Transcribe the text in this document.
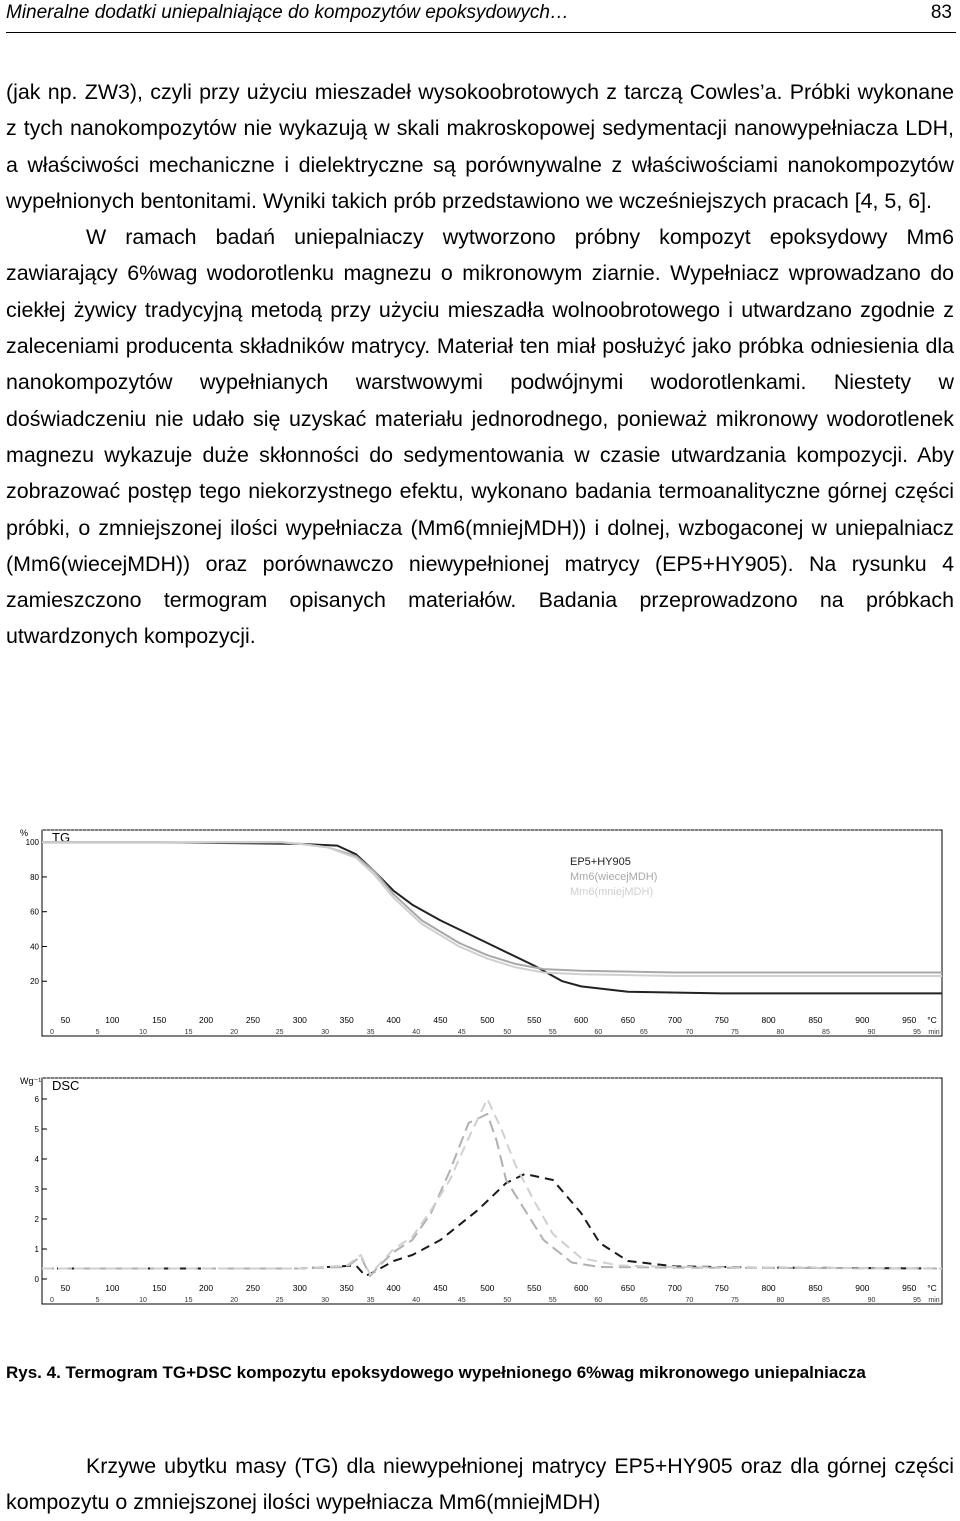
Mineralne dodatki uniepalniające do kompozytów epoksydowych…	83

(jak np. ZW3), czyli przy użyciu mieszadeł wysokoobrotowych z tarczą Cowles’a. Próbki wykonane z tych nanokompozytów nie wykazują w skali makroskopowej sedymentacji nanowypełniacza LDH, a właściwości mechaniczne i dielektryczne są porównywalne z właściwościami nanokompozytów wypełnionych bentonitami. Wyniki takich prób przedstawiono we wcześniejszych pracach [4, 5, 6].

W ramach badań uniepalniaczy wytworzono próbny kompozyt epoksydowy Mm6 zawiarający 6%wag wodorotlenku magnezu o mikronowym ziarnie. Wypełniacz wprowadzano do ciekłej żywicy tradycyjną metodą przy użyciu mieszadła wolnoobrotowego i utwardzano zgodnie z zaleceniami producenta składników matrycy. Materiał ten miał posłużyć jako próbka odniesienia dla nanokompozytów wypełnianych warstwowymi podwójnymi wodorotlenkami. Niestety w doświadczeniu nie udało się uzyskać materiału jednorodnego, ponieważ mikronowy wodorotlenek magnezu wykazuje duże skłonności do sedymentowania w czasie utwardzania kompozycji. Aby zobrazować postęp tego niekorzystnego efektu, wykonano badania termoanalityczne górnej części próbki, o zmniejszonej ilości wypełniacza (Mm6(mniejMDH)) i dolnej, wzbogaconej w uniepalniacz (Mm6(wiecejMDH)) oraz porównawczo niewypełnionej matrycy (EP5+HY905). Na rysunku 4 zamieszczono termogram opisanych materiałów. Badania przeprowadzono na próbkach utwardzonych kompozycji.

TG
%
100
80
60
40
20
50	100	150	200	250	300	350	400	450	500	550	600	650	700	750	800	850	900	950 °C
0	5	10	15	20	25	30	35	40	45	50	55	60	65	70	75	80	85	90	95 min
EP5+HY905
Mm6(wiecejMDH)
Mm6(mniejMDH)
DSC
Wg⁻¹
6
5
4
3
2
1
0
50	100	150	200	250	300	350	400	450	500	550	600	650	700	750	800	850	900	950 °C
0	5	10	15	20	25	30	35	40	45	50	55	60	65	70	75	80	85	90	95 min
Rys. 4. Termogram TG+DSC kompozytu epoksydowego wypełnionego 6%wag mikronowego uniepalniacza

Krzywe ubytku masy (TG) dla niewypełnionej matrycy EP5+HY905 oraz dla górnej części kompozytu o zmniejszonej ilości wypełniacza Mm6(mniejMDH)
